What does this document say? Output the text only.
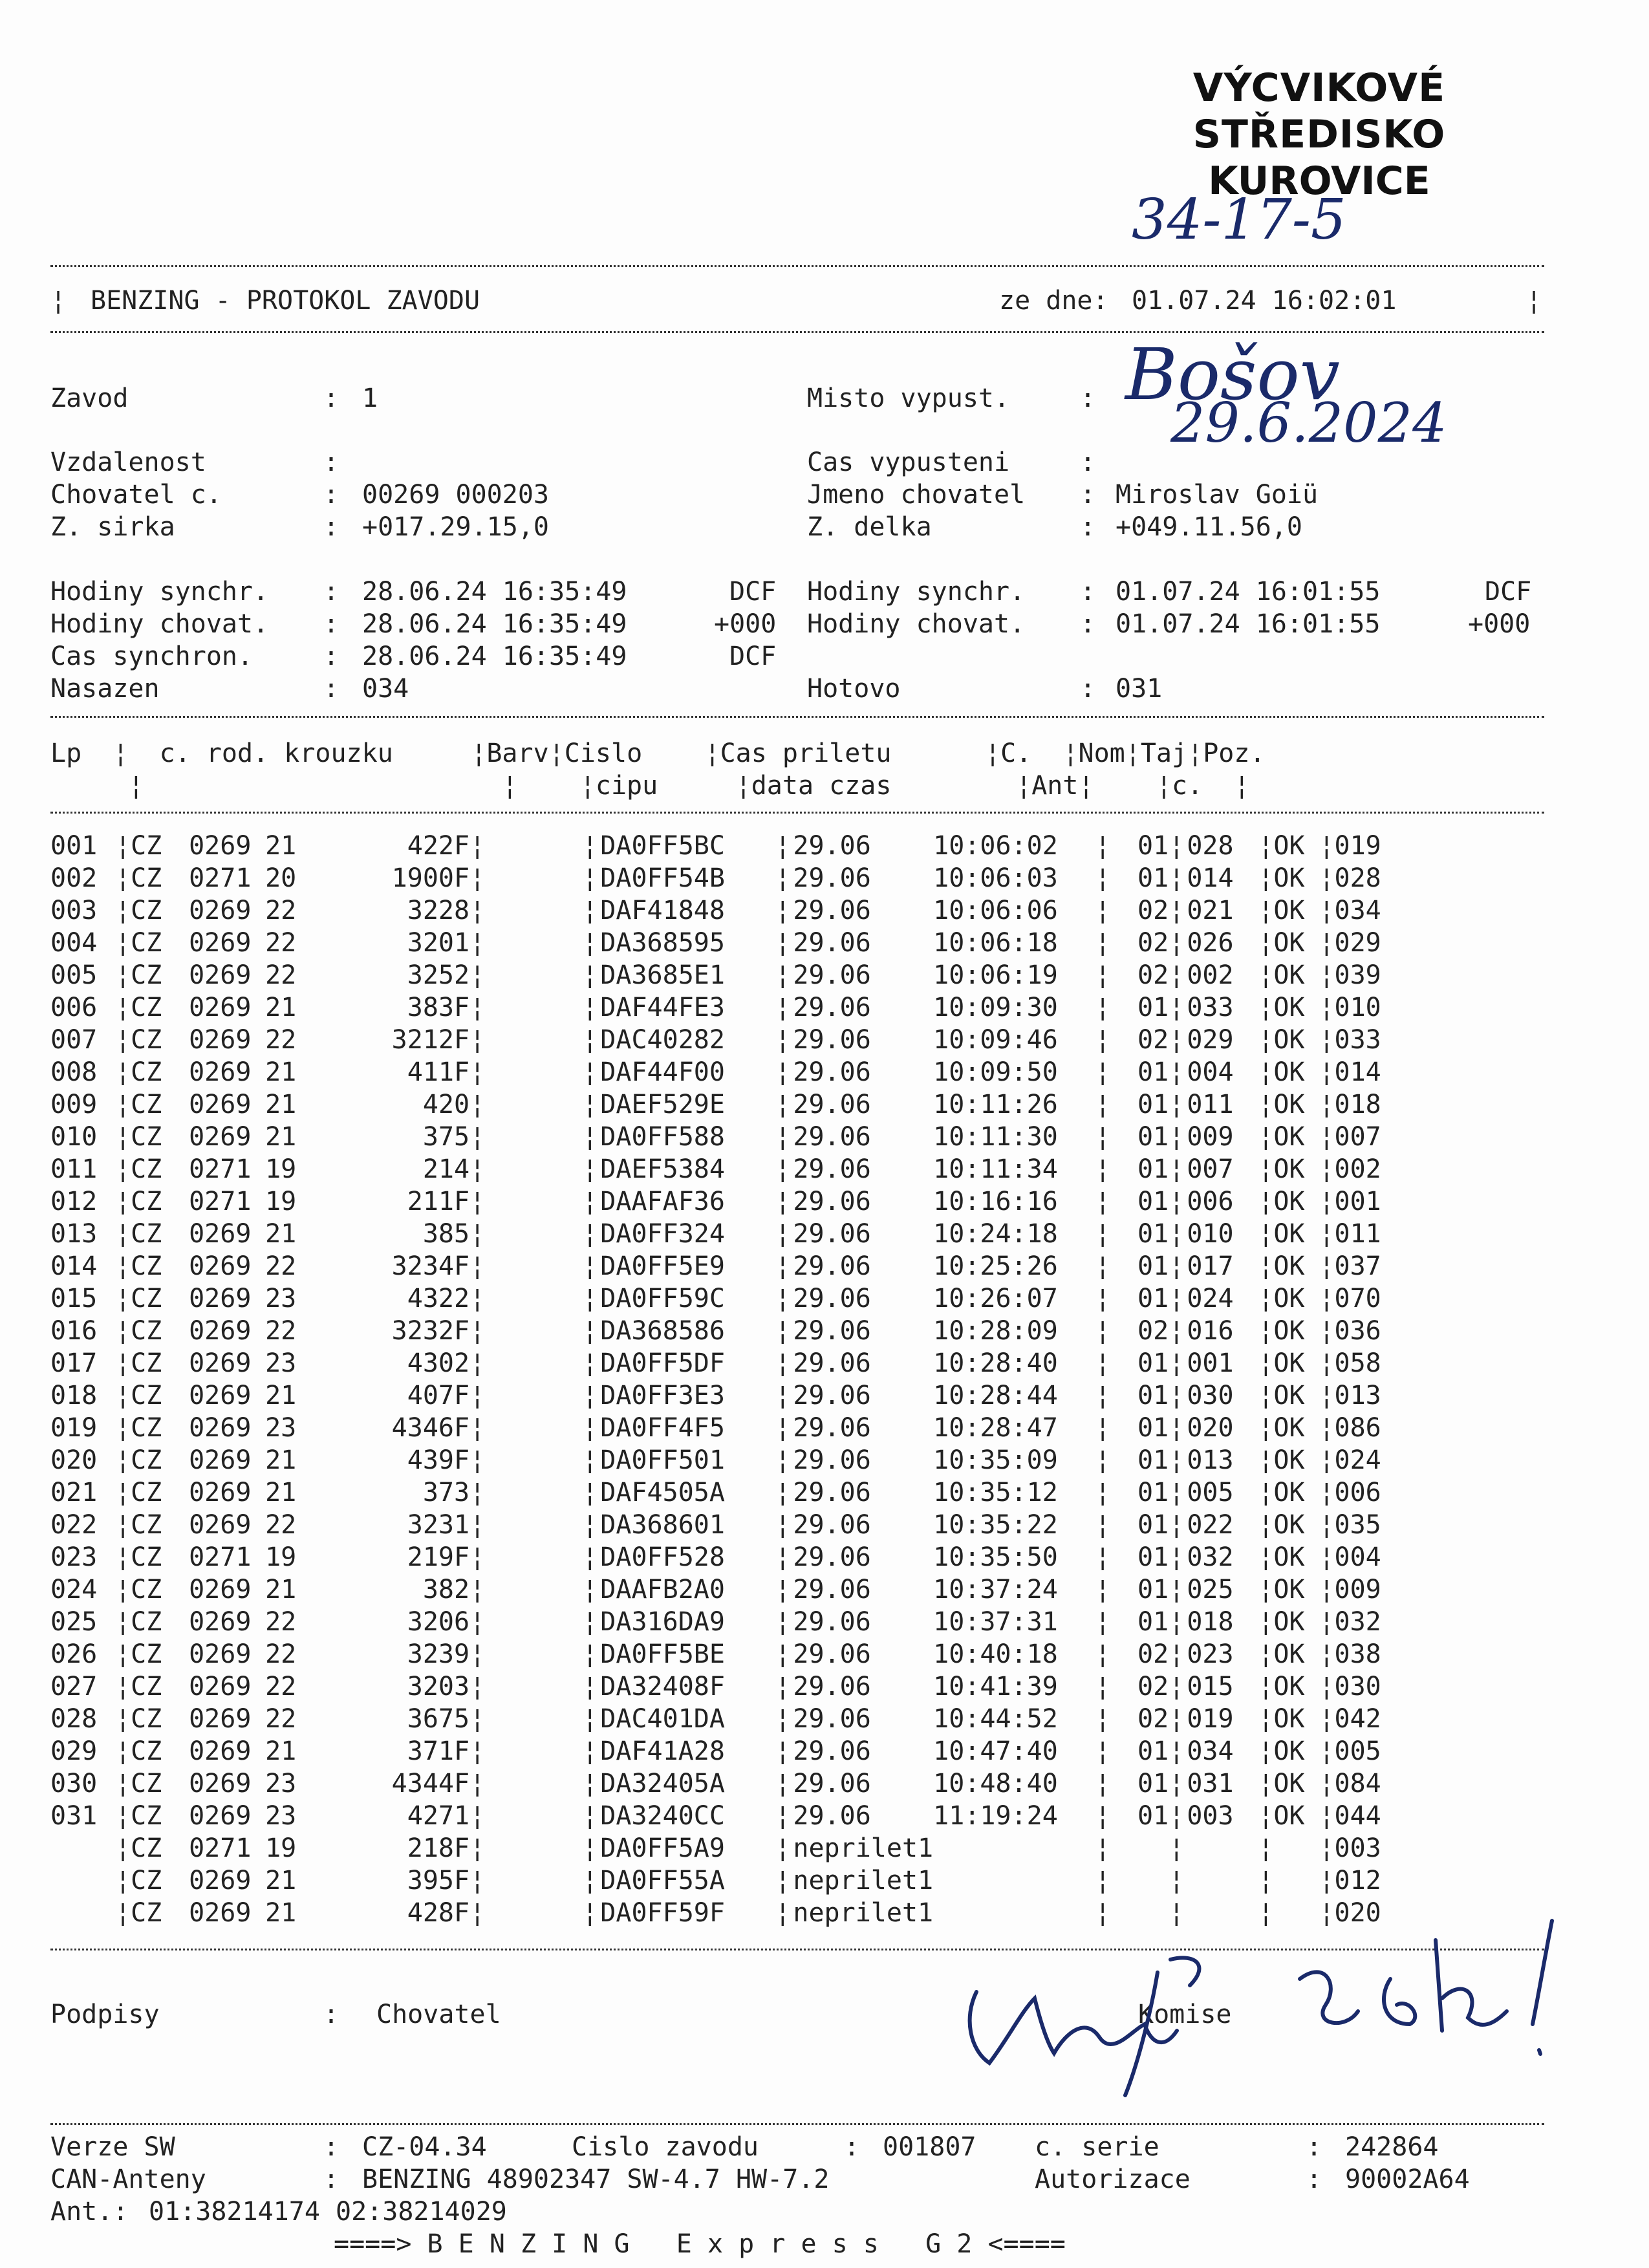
VÝCVIKOVÉ STŘEDISKO
KUROVICE
34-17-5
¦ BENZING - PROTOKOL ZAVODU	ze dne: 01.07.24 16:02:01	¦
Zavod	: 1	Misto vypust.	: Bošov
Vzdalenost	:	Cas vypusteni	:
29.6.2024
Chovatel c.	: 00269 000203	Jmeno chovatel : Miroslav Goiü
Z. sirka	: +017.29.15,0	Z. delka	: +049.11.56,0
Hodiny synchr. : 28.06.24 16:35:49	DCF
Hodiny chovat. : 28.06.24 16:35:49	+000
Cas synchron.	: 28.06.24 16:35:49	DCF
Nasazen	: 034
Hodiny synchr. : 01.07.24 16:01:55	DCF
Hodiny chovat. : 01.07.24 16:01:55	+000
Hotovo	: 031
Lp  ¦  c. rod. krouzku     ¦Barv¦Cislo    ¦Cas priletu      ¦C.  ¦Nom¦Taj¦Poz.
¦                       ¦    ¦cipu     ¦data czas        ¦Ant¦    ¦c.  ¦
001	¦	CZ	0269	21	422F	¦		¦	DA0FF5BC	¦	29.06	10:06:02	¦	01	¦	028	¦	OK	¦	019
002	¦	CZ	0271	20	1900F	¦		¦	DA0FF54B	¦	29.06	10:06:03	¦	01	¦	014	¦	OK	¦	028
003	¦	CZ	0269	22	3228	¦		¦	DAF41848	¦	29.06	10:06:06	¦	02	¦	021	¦	OK	¦	034
004	¦	CZ	0269	22	3201	¦		¦	DA368595	¦	29.06	10:06:18	¦	02	¦	026	¦	OK	¦	029
005	¦	CZ	0269	22	3252	¦		¦	DA3685E1	¦	29.06	10:06:19	¦	02	¦	002	¦	OK	¦	039
006	¦	CZ	0269	21	383F	¦		¦	DAF44FE3	¦	29.06	10:09:30	¦	01	¦	033	¦	OK	¦	010
007	¦	CZ	0269	22	3212F	¦		¦	DAC40282	¦	29.06	10:09:46	¦	02	¦	029	¦	OK	¦	033
008	¦	CZ	0269	21	411F	¦		¦	DAF44F00	¦	29.06	10:09:50	¦	01	¦	004	¦	OK	¦	014
009	¦	CZ	0269	21	420	¦		¦	DAEF529E	¦	29.06	10:11:26	¦	01	¦	011	¦	OK	¦	018
010	¦	CZ	0269	21	375	¦		¦	DA0FF588	¦	29.06	10:11:30	¦	01	¦	009	¦	OK	¦	007
011	¦	CZ	0271	19	214	¦		¦	DAEF5384	¦	29.06	10:11:34	¦	01	¦	007	¦	OK	¦	002
012	¦	CZ	0271	19	211F	¦		¦	DAAFAF36	¦	29.06	10:16:16	¦	01	¦	006	¦	OK	¦	001
013	¦	CZ	0269	21	385	¦		¦	DA0FF324	¦	29.06	10:24:18	¦	01	¦	010	¦	OK	¦	011
014	¦	CZ	0269	22	3234F	¦		¦	DA0FF5E9	¦	29.06	10:25:26	¦	01	¦	017	¦	OK	¦	037
015	¦	CZ	0269	23	4322	¦		¦	DA0FF59C	¦	29.06	10:26:07	¦	01	¦	024	¦	OK	¦	070
016	¦	CZ	0269	22	3232F	¦		¦	DA368586	¦	29.06	10:28:09	¦	02	¦	016	¦	OK	¦	036
017	¦	CZ	0269	23	4302	¦		¦	DA0FF5DF	¦	29.06	10:28:40	¦	01	¦	001	¦	OK	¦	058
018	¦	CZ	0269	21	407F	¦		¦	DA0FF3E3	¦	29.06	10:28:44	¦	01	¦	030	¦	OK	¦	013
019	¦	CZ	0269	23	4346F	¦		¦	DA0FF4F5	¦	29.06	10:28:47	¦	01	¦	020	¦	OK	¦	086
020	¦	CZ	0269	21	439F	¦		¦	DA0FF501	¦	29.06	10:35:09	¦	01	¦	013	¦	OK	¦	024
021	¦	CZ	0269	21	373	¦		¦	DAF4505A	¦	29.06	10:35:12	¦	01	¦	005	¦	OK	¦	006
022	¦	CZ	0269	22	3231	¦		¦	DA368601	¦	29.06	10:35:22	¦	01	¦	022	¦	OK	¦	035
023	¦	CZ	0271	19	219F	¦		¦	DA0FF528	¦	29.06	10:35:50	¦	01	¦	032	¦	OK	¦	004
024	¦	CZ	0269	21	382	¦		¦	DAAFB2A0	¦	29.06	10:37:24	¦	01	¦	025	¦	OK	¦	009
025	¦	CZ	0269	22	3206	¦		¦	DA316DA9	¦	29.06	10:37:31	¦	01	¦	018	¦	OK	¦	032
026	¦	CZ	0269	22	3239	¦		¦	DA0FF5BE	¦	29.06	10:40:18	¦	02	¦	023	¦	OK	¦	038
027	¦	CZ	0269	22	3203	¦		¦	DA32408F	¦	29.06	10:41:39	¦	02	¦	015	¦	OK	¦	030
028	¦	CZ	0269	22	3675	¦		¦	DAC401DA	¦	29.06	10:44:52	¦	02	¦	019	¦	OK	¦	042
029	¦	CZ	0269	21	371F	¦		¦	DAF41A28	¦	29.06	10:47:40	¦	01	¦	034	¦	OK	¦	005
030	¦	CZ	0269	23	4344F	¦		¦	DA32405A	¦	29.06	10:48:40	¦	01	¦	031	¦	OK	¦	084
031	¦	CZ	0269	23	4271	¦		¦	DA3240CC	¦	29.06	11:19:24	¦	01	¦	003	¦	OK	¦	044
	¦	CZ	0271	19	218F	¦		¦	DA0FF5A9	¦	neprilet1		¦		¦		¦		¦	003
	¦	CZ	0269	21	395F	¦		¦	DA0FF55A	¦	neprilet1		¦		¦		¦		¦	012
	¦	CZ	0269	21	428F	¦		¦	DA0FF59F	¦	neprilet1		¦		¦		¦		¦	020
Podpisy	: Chovatel	Komise
Verze SW	: CZ-04.34	Cislo zavodu	: 001807 c. serie	: 242864
CAN-Anteny	: BENZING 48902347 SW-4.7 HW-7.2	Autorizace	: 90002A64
Ant.: 01:38214174 02:38214029
====> B E N Z I N G   E x p r e s s   G 2 <====
